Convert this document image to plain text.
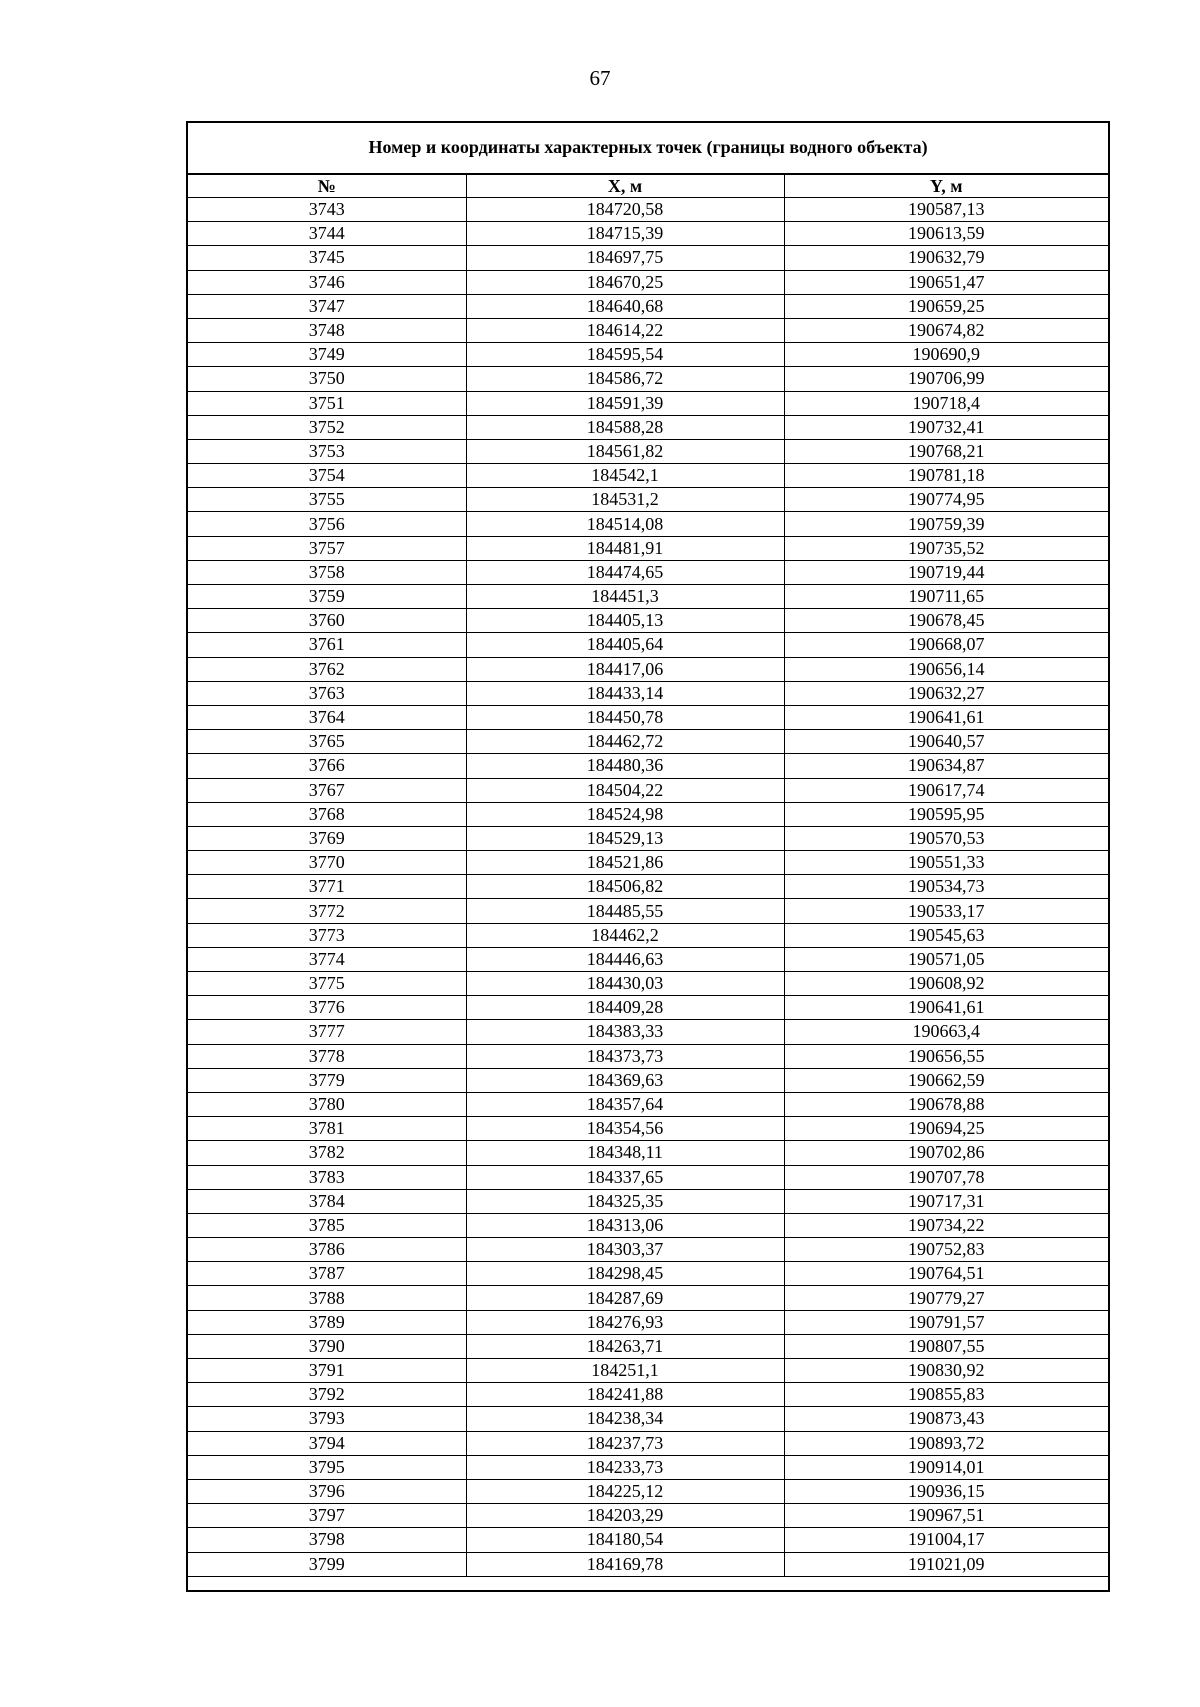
67
Номер и координаты характерных точек (границы водного объекта)
№	X, м	Y, м
3743	184720,58	190587,13
3744	184715,39	190613,59
3745	184697,75	190632,79
3746	184670,25	190651,47
3747	184640,68	190659,25
3748	184614,22	190674,82
3749	184595,54	190690,9
3750	184586,72	190706,99
3751	184591,39	190718,4
3752	184588,28	190732,41
3753	184561,82	190768,21
3754	184542,1	190781,18
3755	184531,2	190774,95
3756	184514,08	190759,39
3757	184481,91	190735,52
3758	184474,65	190719,44
3759	184451,3	190711,65
3760	184405,13	190678,45
3761	184405,64	190668,07
3762	184417,06	190656,14
3763	184433,14	190632,27
3764	184450,78	190641,61
3765	184462,72	190640,57
3766	184480,36	190634,87
3767	184504,22	190617,74
3768	184524,98	190595,95
3769	184529,13	190570,53
3770	184521,86	190551,33
3771	184506,82	190534,73
3772	184485,55	190533,17
3773	184462,2	190545,63
3774	184446,63	190571,05
3775	184430,03	190608,92
3776	184409,28	190641,61
3777	184383,33	190663,4
3778	184373,73	190656,55
3779	184369,63	190662,59
3780	184357,64	190678,88
3781	184354,56	190694,25
3782	184348,11	190702,86
3783	184337,65	190707,78
3784	184325,35	190717,31
3785	184313,06	190734,22
3786	184303,37	190752,83
3787	184298,45	190764,51
3788	184287,69	190779,27
3789	184276,93	190791,57
3790	184263,71	190807,55
3791	184251,1	190830,92
3792	184241,88	190855,83
3793	184238,34	190873,43
3794	184237,73	190893,72
3795	184233,73	190914,01
3796	184225,12	190936,15
3797	184203,29	190967,51
3798	184180,54	191004,17
3799	184169,78	191021,09
